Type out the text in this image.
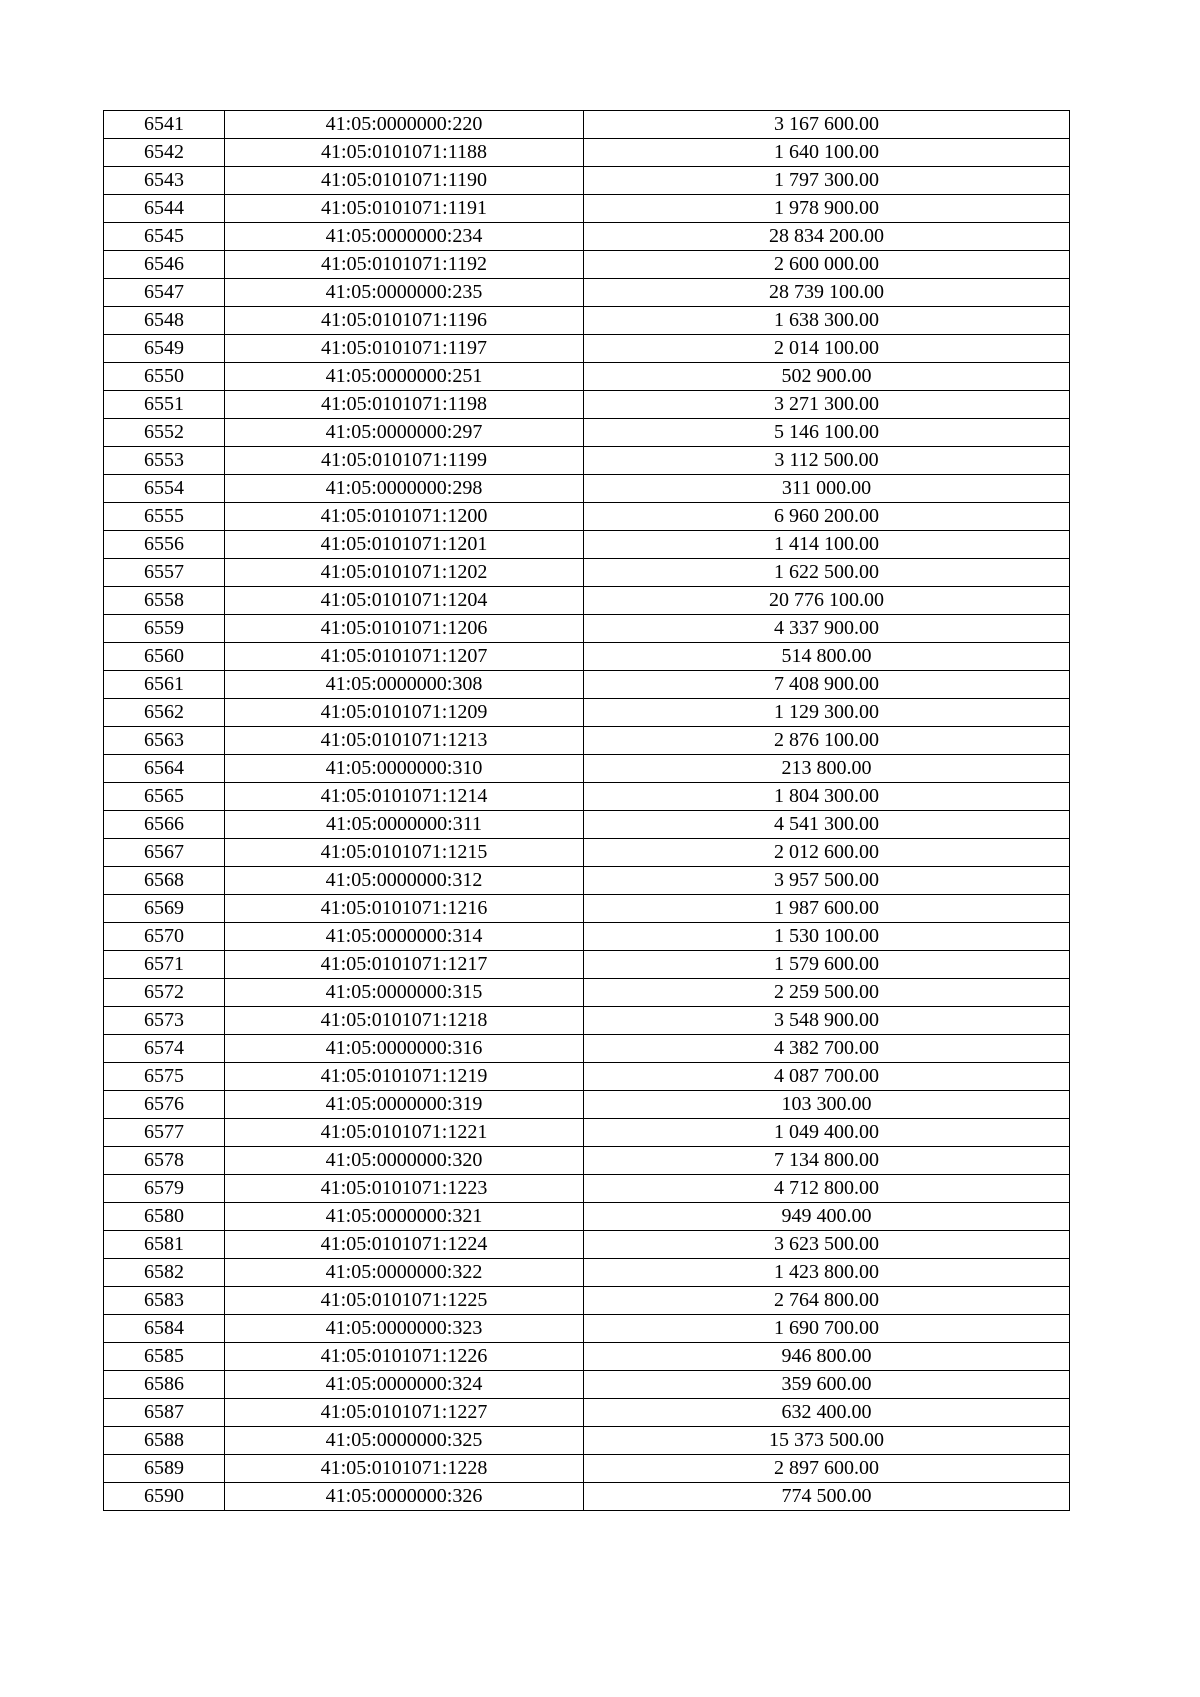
6541	41:05:0000000:220	3 167 600.00
6542	41:05:0101071:1188	1 640 100.00
6543	41:05:0101071:1190	1 797 300.00
6544	41:05:0101071:1191	1 978 900.00
6545	41:05:0000000:234	28 834 200.00
6546	41:05:0101071:1192	2 600 000.00
6547	41:05:0000000:235	28 739 100.00
6548	41:05:0101071:1196	1 638 300.00
6549	41:05:0101071:1197	2 014 100.00
6550	41:05:0000000:251	502 900.00
6551	41:05:0101071:1198	3 271 300.00
6552	41:05:0000000:297	5 146 100.00
6553	41:05:0101071:1199	3 112 500.00
6554	41:05:0000000:298	311 000.00
6555	41:05:0101071:1200	6 960 200.00
6556	41:05:0101071:1201	1 414 100.00
6557	41:05:0101071:1202	1 622 500.00
6558	41:05:0101071:1204	20 776 100.00
6559	41:05:0101071:1206	4 337 900.00
6560	41:05:0101071:1207	514 800.00
6561	41:05:0000000:308	7 408 900.00
6562	41:05:0101071:1209	1 129 300.00
6563	41:05:0101071:1213	2 876 100.00
6564	41:05:0000000:310	213 800.00
6565	41:05:0101071:1214	1 804 300.00
6566	41:05:0000000:311	4 541 300.00
6567	41:05:0101071:1215	2 012 600.00
6568	41:05:0000000:312	3 957 500.00
6569	41:05:0101071:1216	1 987 600.00
6570	41:05:0000000:314	1 530 100.00
6571	41:05:0101071:1217	1 579 600.00
6572	41:05:0000000:315	2 259 500.00
6573	41:05:0101071:1218	3 548 900.00
6574	41:05:0000000:316	4 382 700.00
6575	41:05:0101071:1219	4 087 700.00
6576	41:05:0000000:319	103 300.00
6577	41:05:0101071:1221	1 049 400.00
6578	41:05:0000000:320	7 134 800.00
6579	41:05:0101071:1223	4 712 800.00
6580	41:05:0000000:321	949 400.00
6581	41:05:0101071:1224	3 623 500.00
6582	41:05:0000000:322	1 423 800.00
6583	41:05:0101071:1225	2 764 800.00
6584	41:05:0000000:323	1 690 700.00
6585	41:05:0101071:1226	946 800.00
6586	41:05:0000000:324	359 600.00
6587	41:05:0101071:1227	632 400.00
6588	41:05:0000000:325	15 373 500.00
6589	41:05:0101071:1228	2 897 600.00
6590	41:05:0000000:326	774 500.00
